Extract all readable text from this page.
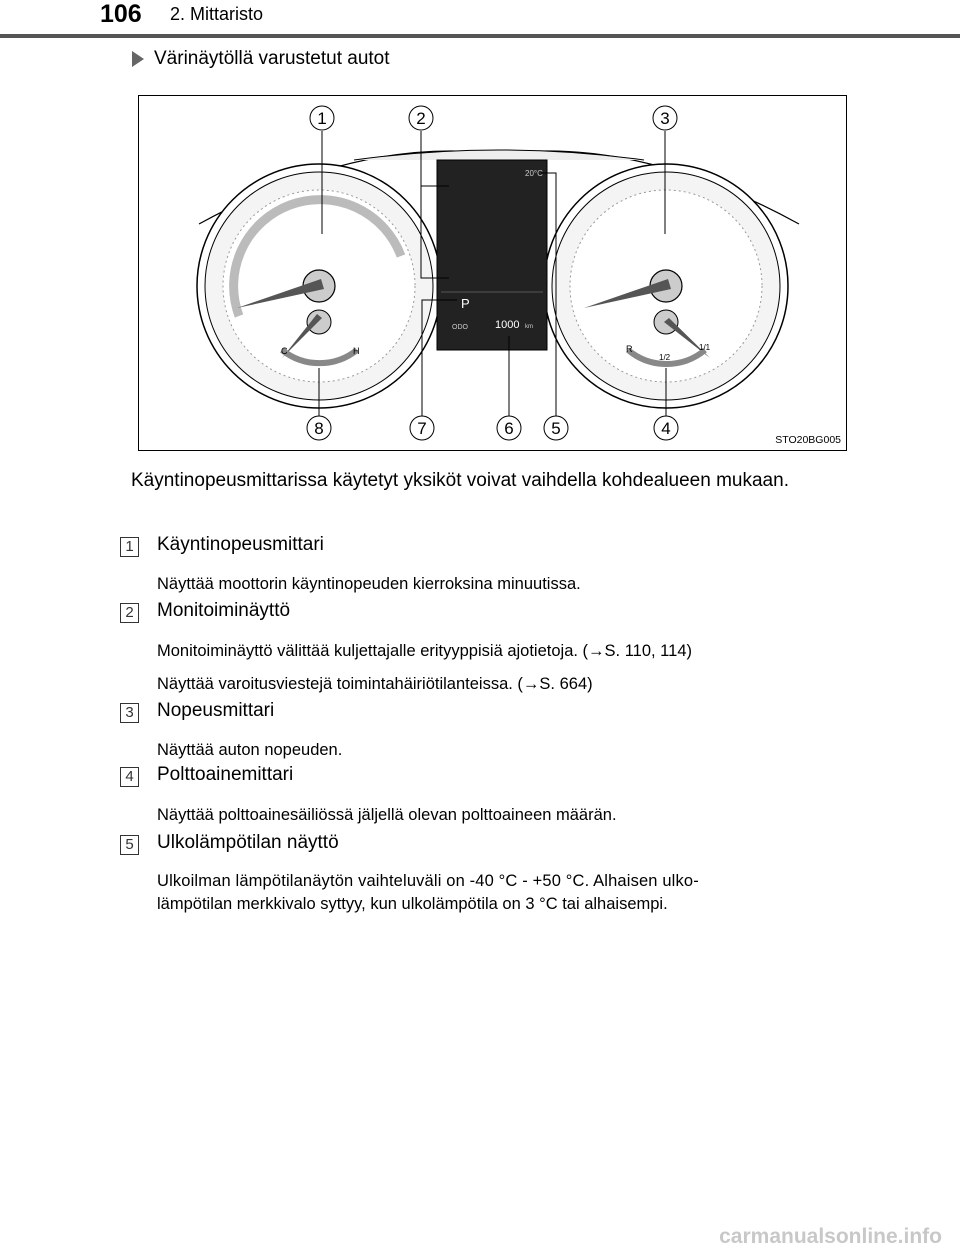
106 2. Mittaristo
Värinäytöllä varustetut autot
C	H	R
1/2
1/1
20°C
P
ODO 1000 km
1	2	3
4
5
6
7
8
STO20BG005
Käyntinopeusmittarissa käytetyt yksiköt voivat vaihdella kohdealueen mukaan.
1 Käyntinopeusmittari
Näyttää moottorin käyntinopeuden kierroksina minuutissa.
2 Monitoiminäyttö
Monitoiminäyttö välittää kuljettajalle erityyppisiä ajotietoja. (→S. 110, 114)
Näyttää varoitusviestejä toimintahäiriötilanteissa. (→S. 664)
3 Nopeusmittari
Näyttää auton nopeuden.
4 Polttoainemittari
Näyttää polttoainesäiliössä jäljellä olevan polttoaineen määrän.
5 Ulkolämpötilan näyttö
Ulkoilman lämpötilanäytön vaihteluväli on -40 °C - +50 °C. Alhaisen ulko-
lämpötilan merkkivalo syttyy, kun ulkolämpötila on 3 °C tai alhaisempi.
carmanualsonline.info
